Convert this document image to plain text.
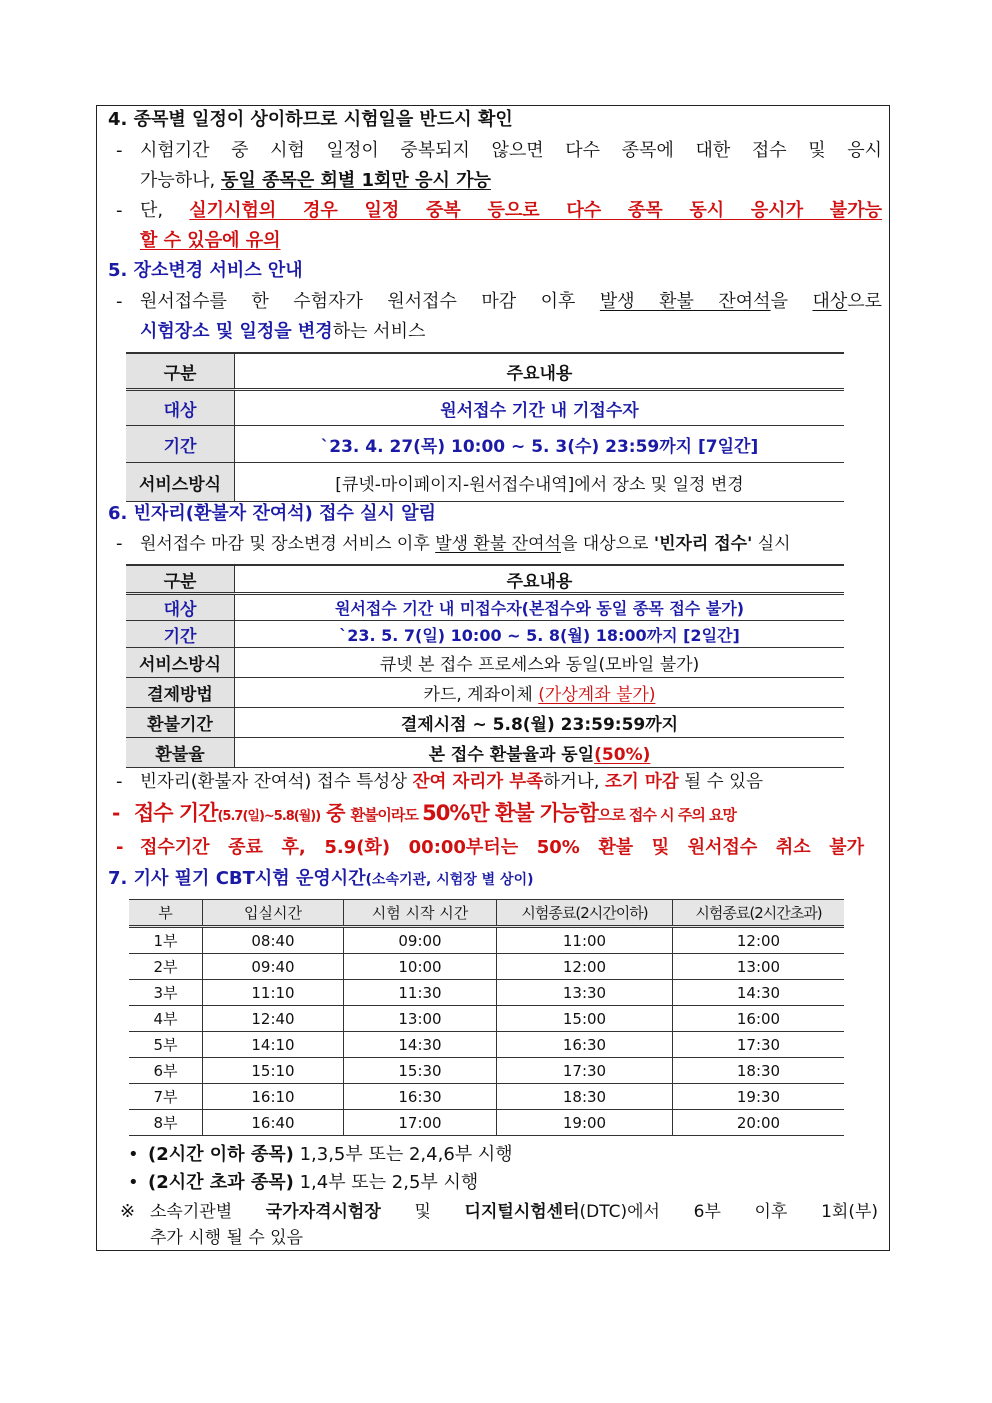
4. 종목별 일정이 상이하므로 시험일을 반드시 확인
- 시험기간 중 시험 일정이 중복되지 않으면 다수 종목에 대한 접수 및 응시
가능하나, 동일 종목은 회별 1회만 응시 가능
- 단, 실기시험의 경우 일정 중복 등으로 다수 종목 동시 응시가 불가능
할 수 있음에 유의
5. 장소변경 서비스 안내
- 원서접수를 한 수험자가 원서접수 마감 이후 발생 환불 잔여석을 대상으로
시험장소 및 일정을 변경하는 서비스
구분	주요내용
대상	원서접수 기간 내 기접수자
기간	`23. 4. 27(목) 10:00 ~ 5. 3(수) 23:59까지 [7일간]
서비스방식	[큐넷-마이페이지-원서접수내역]에서 장소 및 일정 변경
6. 빈자리(환불자 잔여석) 접수 실시 알림
- 원서접수 마감 및 장소변경 서비스 이후 발생 환불 잔여석을 대상으로 '빈자리 접수' 실시
구분	주요내용
대상	원서접수 기간 내 미접수자(본접수와 동일 종목 접수 불가)
기간	`23. 5. 7(일) 10:00 ~ 5. 8(월) 18:00까지 [2일간]
서비스방식	큐넷 본 접수 프로세스와 동일(모바일 불가)
결제방법	카드, 계좌이체 (가상계좌 불가)
환불기간	결제시점 ~ 5.8(월) 23:59:59까지
환불율	본 접수 환불율과 동일(50%)
- 빈자리(환불자 잔여석) 접수 특성상 잔여 자리가 부족하거나, 조기 마감 될 수 있음
- 접수 기간(5.7(일)~5.8(월)) 중 환불이라도 50%만 환불 가능함으로 접수 시 주의 요망
- 접수기간 종료 후, 5.9(화) 00:00부터는 50% 환불 및 원서접수 취소 불가
7. 기사 필기 CBT시험 운영시간(소속기관, 시험장 별 상이)
부	입실시간	시험 시작 시간	시험종료(2시간이하)	시험종료(2시간초과)
1부	08:40	09:00	11:00	12:00
2부	09:40	10:00	12:00	13:00
3부	11:10	11:30	13:30	14:30
4부	12:40	13:00	15:00	16:00
5부	14:10	14:30	16:30	17:30
6부	15:10	15:30	17:30	18:30
7부	16:10	16:30	18:30	19:30
8부	16:40	17:00	19:00	20:00
• (2시간 이하 종목) 1,3,5부 또는 2,4,6부 시행
• (2시간 초과 종목) 1,4부 또는 2,5부 시행
※ 소속기관별 국가자격시험장 및 디지털시험센터(DTC)에서 6부 이후 1회(부)
추가 시행 될 수 있음
